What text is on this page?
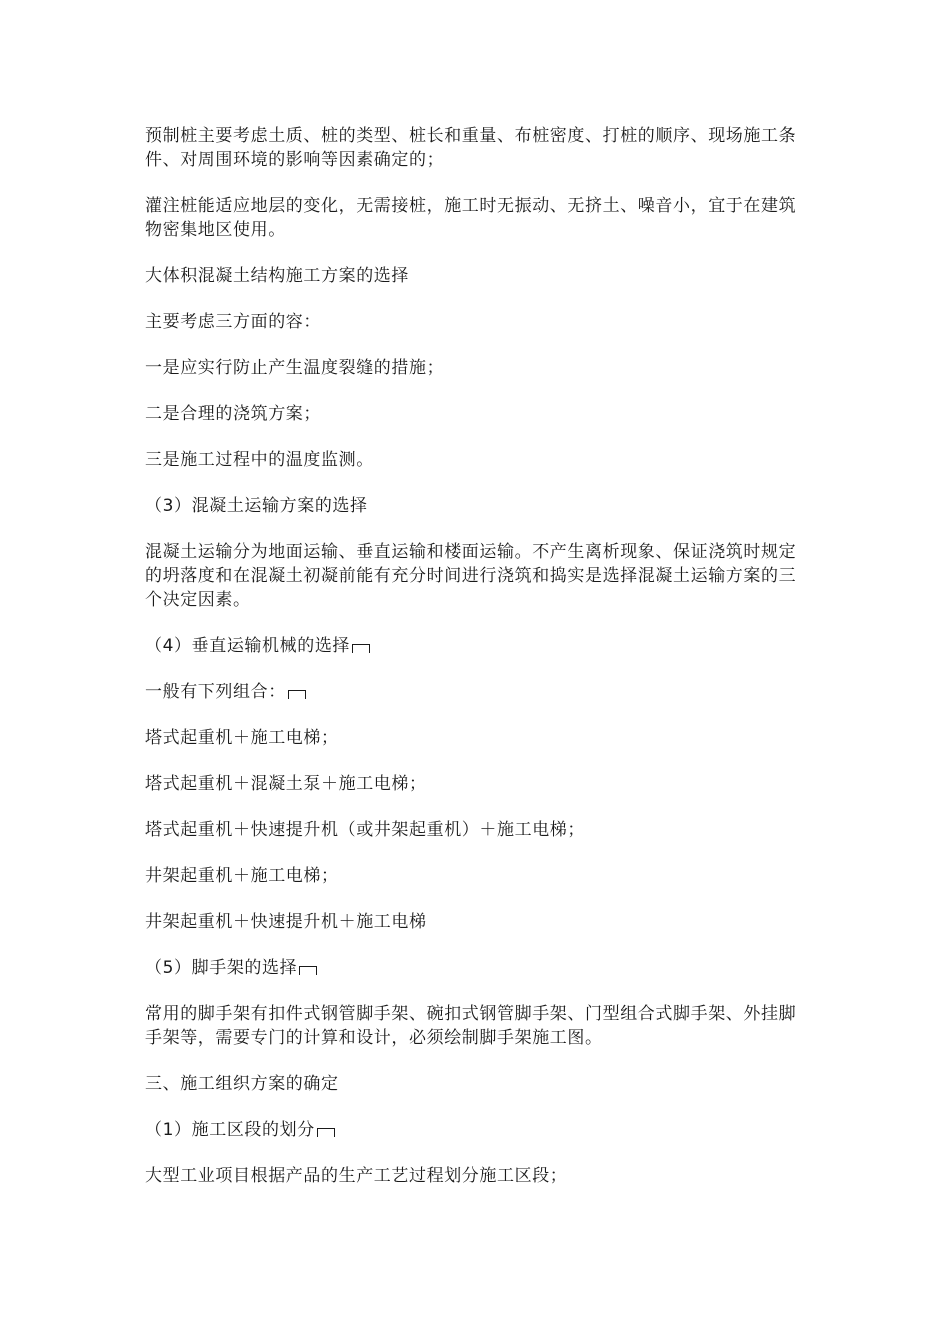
预制桩主要考虑土质、桩的类型、桩长和重量、布桩密度、打桩的顺序、现场施工条件、对周围环境的影响等因素确定的；

灌注桩能适应地层的变化，无需接桩，施工时无振动、无挤土、噪音小，宜于在建筑物密集地区使用。

大体积混凝土结构施工方案的选择

主要考虑三方面的容：

一是应实行防止产生温度裂缝的措施；

二是合理的浇筑方案；

三是施工过程中的温度监测。

（3）混凝土运输方案的选择

混凝土运输分为地面运输、垂直运输和楼面运输。不产生离析现象、保证浇筑时规定的坍落度和在混凝土初凝前能有充分时间进行浇筑和捣实是选择混凝土运输方案的三个决定因素。

（4）垂直运输机械的选择

一般有下列组合：

塔式起重机＋施工电梯；

塔式起重机＋混凝土泵＋施工电梯；

塔式起重机＋快速提升机（或井架起重机）＋施工电梯；

井架起重机＋施工电梯；

井架起重机＋快速提升机＋施工电梯

（5）脚手架的选择

常用的脚手架有扣件式钢管脚手架、碗扣式钢管脚手架、门型组合式脚手架、外挂脚手架等，需要专门的计算和设计，必须绘制脚手架施工图。

三、施工组织方案的确定

（1）施工区段的划分

大型工业项目根据产品的生产工艺过程划分施工区段；
